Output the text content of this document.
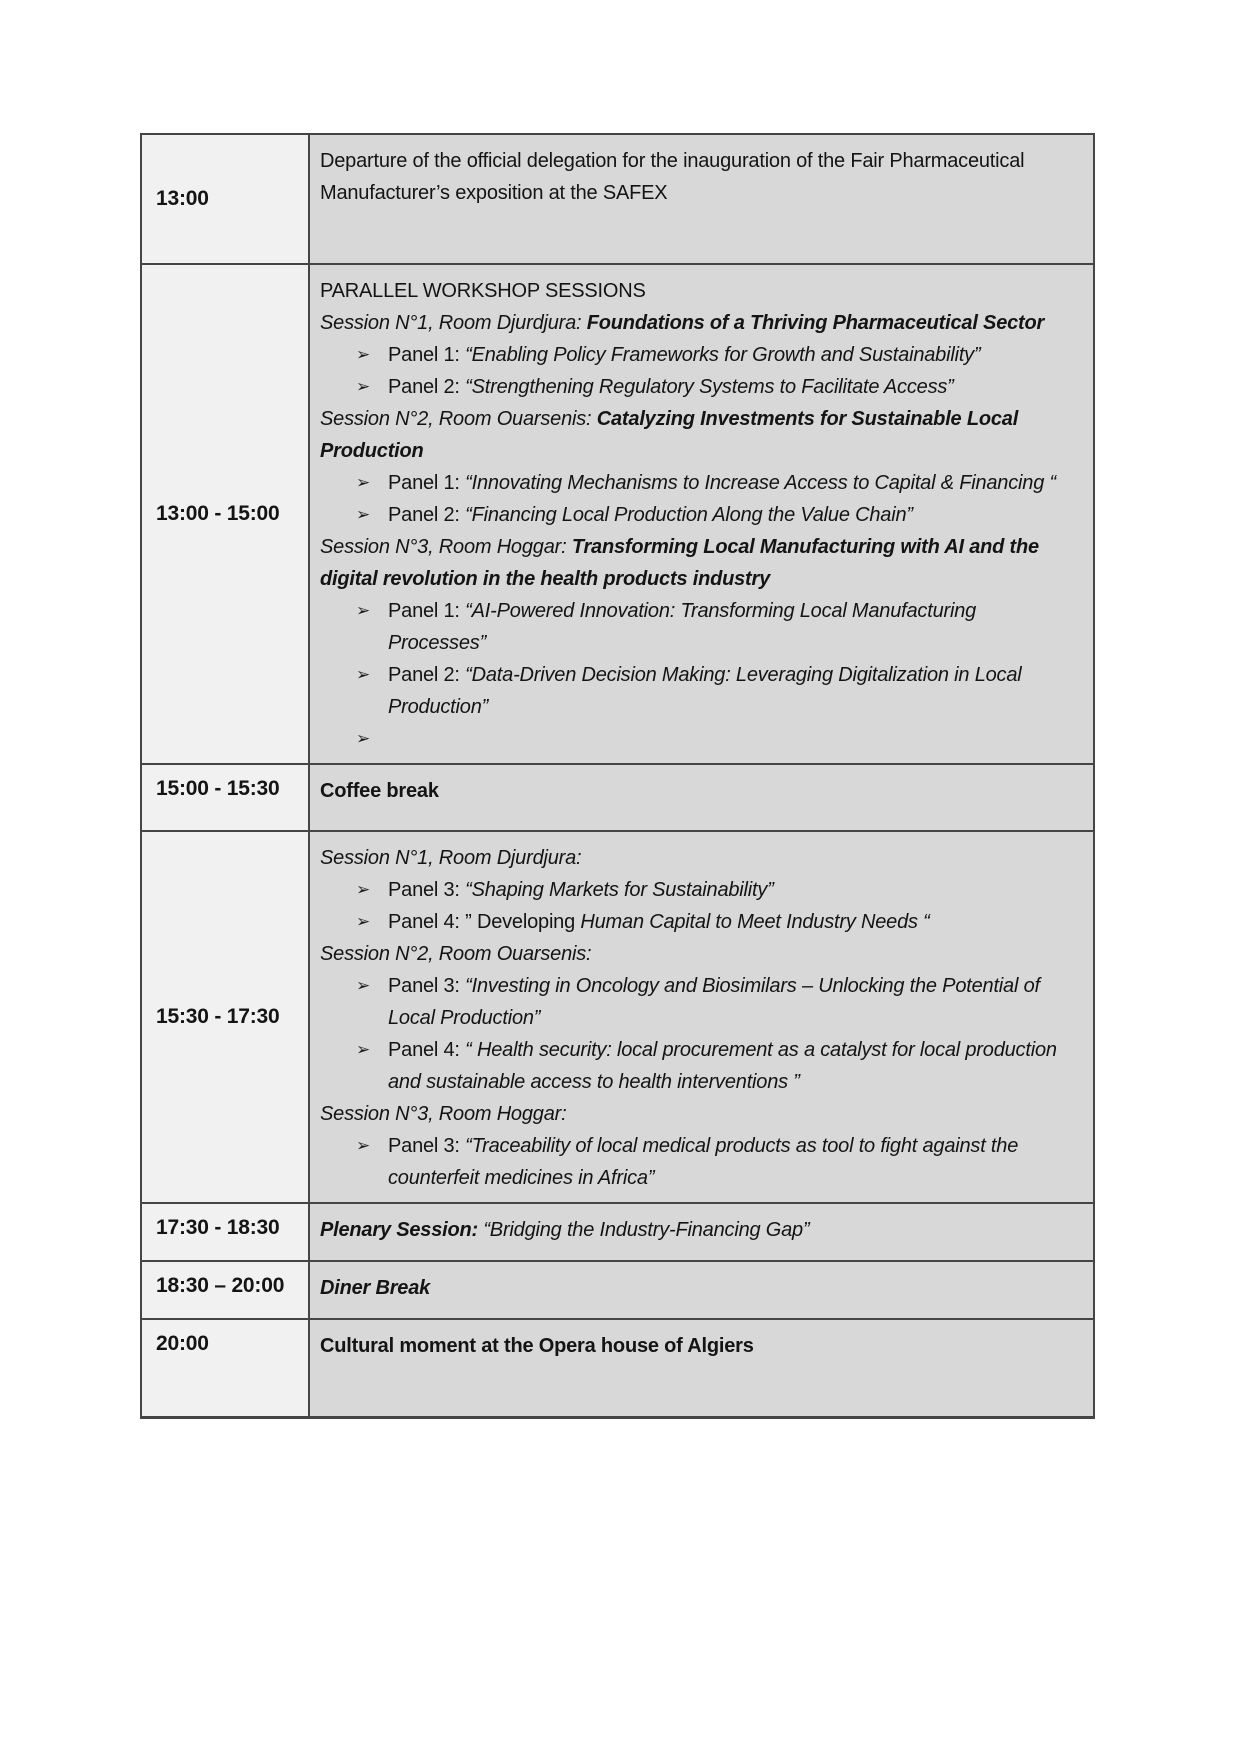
13:00
Departure of the official delegation for the inauguration of the Fair Pharmaceutical Manufacturer’s exposition at the SAFEX
13:00 - 15:00
PARALLEL WORKSHOP SESSIONS
Session N°1, Room Djurdjura: Foundations of a Thriving Pharmaceutical Sector
➢ Panel 1: “Enabling Policy Frameworks for Growth and Sustainability”
➢ Panel 2: “Strengthening Regulatory Systems to Facilitate Access”
Session N°2, Room Ouarsenis: Catalyzing Investments for Sustainable Local Production
➢ Panel 1: “Innovating Mechanisms to Increase Access to Capital & Financing “
➢ Panel 2: “Financing Local Production Along the Value Chain”
Session N°3, Room Hoggar: Transforming Local Manufacturing with AI and the digital revolution in the health products industry
➢ Panel 1: “AI-Powered Innovation: Transforming Local Manufacturing Processes”
➢ Panel 2: “Data-Driven Decision Making: Leveraging Digitalization in Local Production”
➢
15:00 - 15:30 Coffee break
15:30 - 17:30
Session N°1, Room Djurdjura:
➢ Panel 3: “Shaping Markets for Sustainability”
➢ Panel 4: ” Developing Human Capital to Meet Industry Needs “
Session N°2, Room Ouarsenis:
➢ Panel 3: “Investing in Oncology and Biosimilars – Unlocking the Potential of Local Production”
➢ Panel 4: “ Health security: local procurement as a catalyst for local production and sustainable access to health interventions ”
Session N°3, Room Hoggar:
➢ Panel 3: “Traceability of local medical products as tool to fight against the counterfeit medicines in Africa”
17:30 - 18:30 Plenary Session: “Bridging the Industry-Financing Gap”
18:30 – 20:00 Diner Break
20:00	Cultural moment at the Opera house of Algiers
